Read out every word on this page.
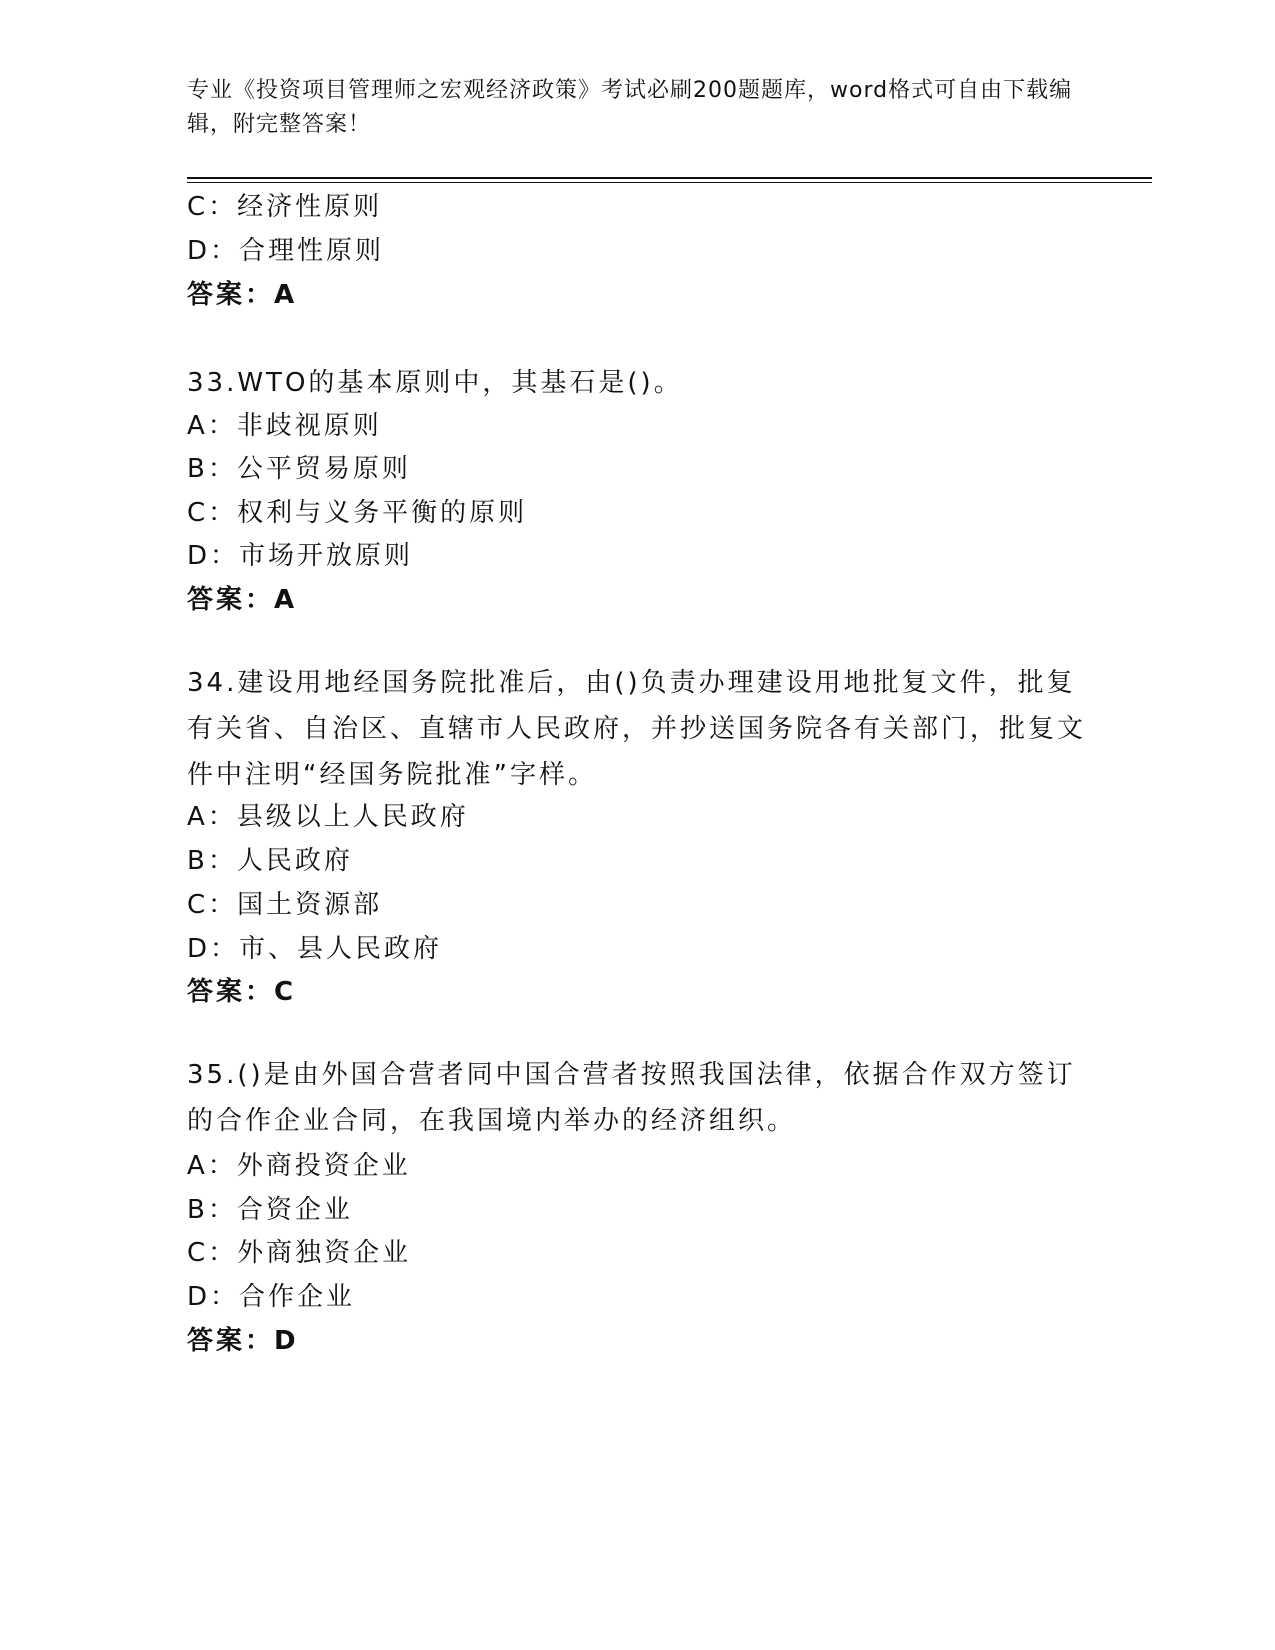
专业《投资项目管理师之宏观经济政策》考试必刷200题题库，word格式可自由下载编辑，附完整答案！
C：经济性原则
D：合理性原则
答案：A
33.WTO的基本原则中，其基石是()。
A：非歧视原则
B：公平贸易原则
C：权利与义务平衡的原则
D：市场开放原则
答案：A
34.建设用地经国务院批准后，由()负责办理建设用地批复文件，批复有关省、自治区、直辖市人民政府，并抄送国务院各有关部门，批复文件中注明“经国务院批准”字样。
A：县级以上人民政府
B：人民政府
C：国土资源部
D：市、县人民政府
答案：C
35.()是由外国合营者同中国合营者按照我国法律，依据合作双方签订的合作企业合同，在我国境内举办的经济组织。
A：外商投资企业
B：合资企业
C：外商独资企业
D：合作企业
答案：D
